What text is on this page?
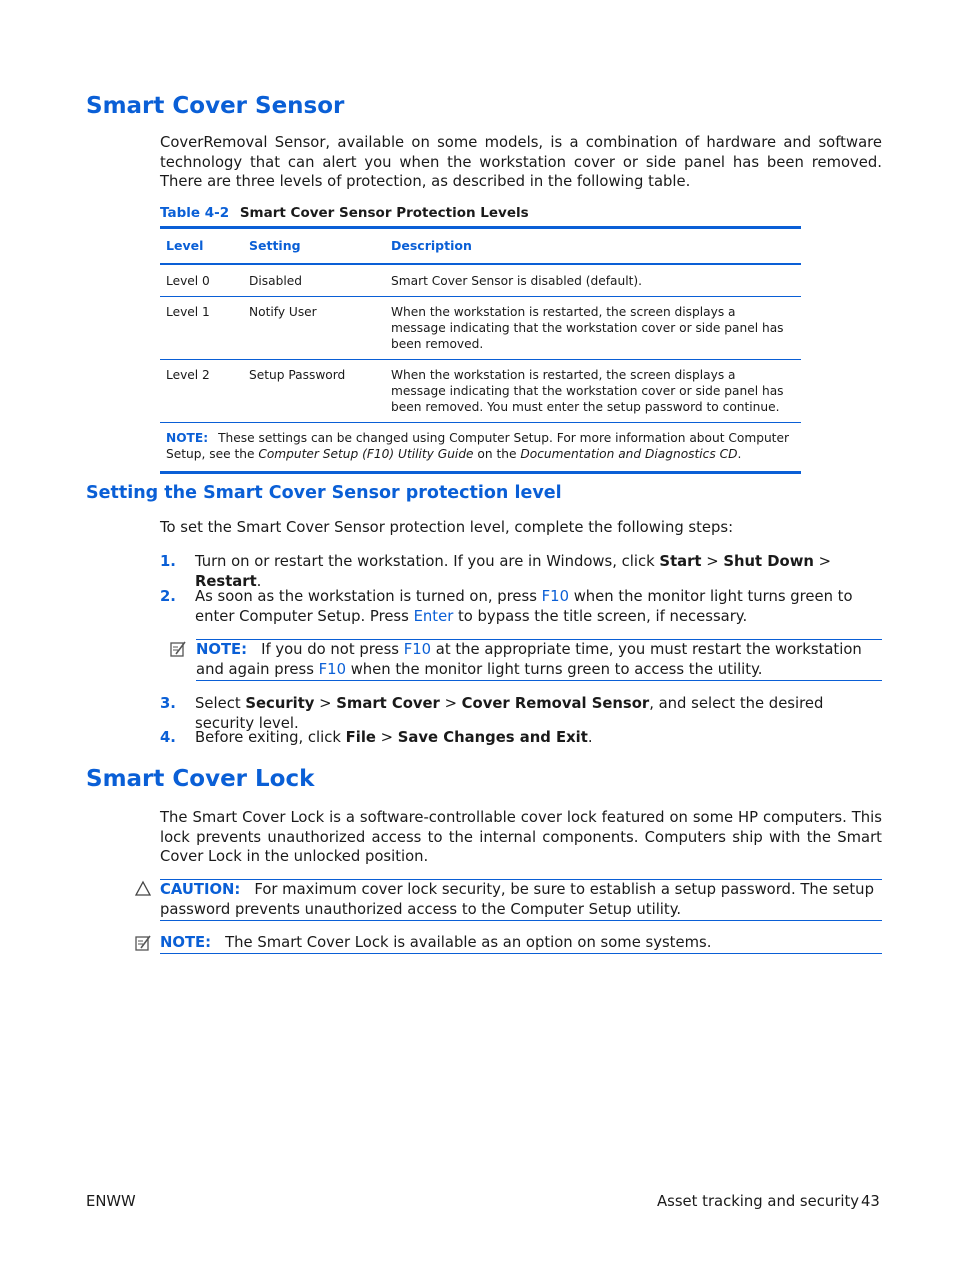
Smart Cover Sensor

CoverRemoval Sensor, available on some models, is a combination of hardware and software technology that can alert you when the workstation cover or side panel has been removed. There are three levels of protection, as described in the following table.

Table 4-2 Smart Cover Sensor Protection Levels
Level	Setting	Description
Level 0	Disabled	Smart Cover Sensor is disabled (default).
Level 1	Notify User	When the workstation is restarted, the screen displays a message indicating that the workstation cover or side panel has been removed.
Level 2	Setup Password	When the workstation is restarted, the screen displays a message indicating that the workstation cover or side panel has been removed. You must enter the setup password to continue.
NOTE: These settings can be changed using Computer Setup. For more information about Computer Setup, see the Computer Setup (F10) Utility Guide on the Documentation and Diagnostics CD.
Setting the Smart Cover Sensor protection level

To set the Smart Cover Sensor protection level, complete the following steps:

1. Turn on or restart the workstation. If you are in Windows, click Start > Shut Down > Restart.
2. As soon as the workstation is turned on, press F10 when the monitor light turns green to enter Computer Setup. Press Enter to bypass the title screen, if necessary.
NOTE: If you do not press F10 at the appropriate time, you must restart the workstation and again press F10 when the monitor light turns green to access the utility.
3. Select Security > Smart Cover > Cover Removal Sensor, and select the desired security level.
4. Before exiting, click File > Save Changes and Exit.
Smart Cover Lock

The Smart Cover Lock is a software-controllable cover lock featured on some HP computers. This lock prevents unauthorized access to the internal components. Computers ship with the Smart Cover Lock in the unlocked position.

CAUTION: For maximum cover lock security, be sure to establish a setup password. The setup password prevents unauthorized access to the Computer Setup utility.
NOTE: The Smart Cover Lock is available as an option on some systems.
ENWW	Asset tracking and security 43
